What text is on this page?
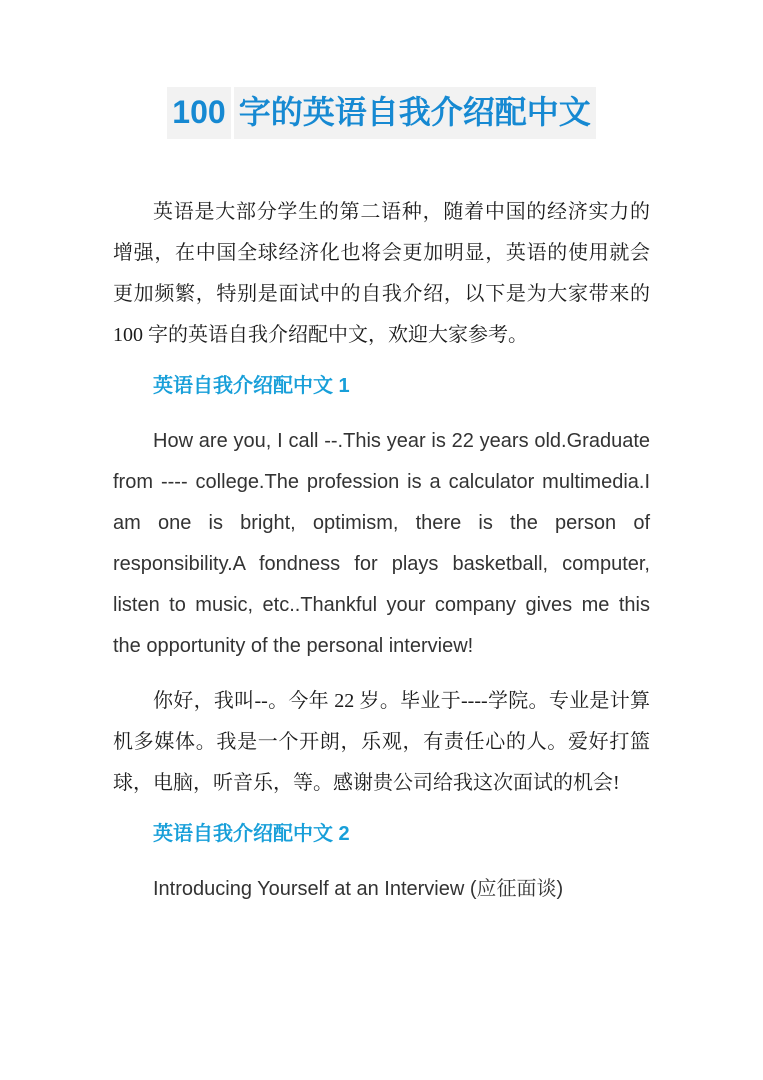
100 字的英语自我介绍配中文

英语是大部分学生的第二语种，随着中国的经济实力的增强，在中国全球经济化也将会更加明显，英语的使用就会更加频繁，特别是面试中的自我介绍，以下是为大家带来的 100 字的英语自我介绍配中文，欢迎大家参考。

英语自我介绍配中文 1

How are you, I call --.This year is 22 years old.Graduate from ---- college.The profession is a calculator multimedia.I am one is bright, optimism, there is the person of responsibility.A fondness for plays basketball, computer, listen to music, etc..Thankful your company gives me this the opportunity of the personal interview!

你好，我叫--。今年 22 岁。毕业于----学院。专业是计算机多媒体。我是一个开朗，乐观，有责任心的人。爱好打篮球，电脑，听音乐，等。感谢贵公司给我这次面试的机会!

英语自我介绍配中文 2

Introducing Yourself at an Interview (应征面谈)
